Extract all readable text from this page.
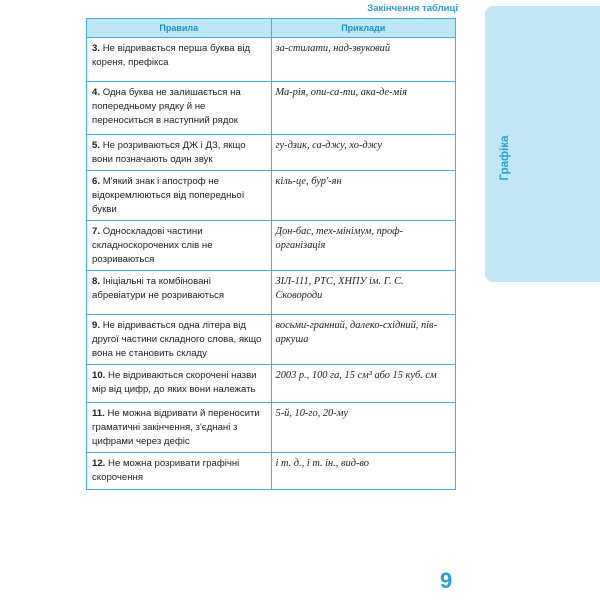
Закінчення таблиці
Правила	Приклади
3. Не відривається перша буква від кореня, префікса	за-стилати, над-звуковий
4. Одна буква не залишається на попередньому рядку й не переноситься в наступний рядок	Ма-рія, опи-са-ти, ака-де-мія
5. Не розриваються ДЖ і ДЗ, якщо вони позначають один звук	гу-дзик, са-джу, хо-джу
6. М'який знак і апостроф не відокремлюються від попередньої букви	кіль-це, бур'-ян
7. Односкладові частини складноскорочених слів не розриваються	Дон-бас, тех-мінімум, проф-організація
8. Ініціальні та комбіновані абревіатури не розриваються	ЗІЛ-111, РТС, ХНПУ ім. Г. С. Сковороди
9. Не відривається одна літера від другої частини складного слова, якщо вона не становить складу	восьми-гранний, далеко-східний, пів-аркуша
10. Не відриваються скорочені назви мір від цифр, до яких вони належать	2003 р., 100 га, 15 см³ або 15 куб. см
11. Не можна відривати й переносити граматичні закінчення, з'єднані з цифрами через дефіс	5-й, 10-го, 20-му
12. Не можна розривати графічні скорочення	і т. д., і т. ін., вид-во
Графіка
9
